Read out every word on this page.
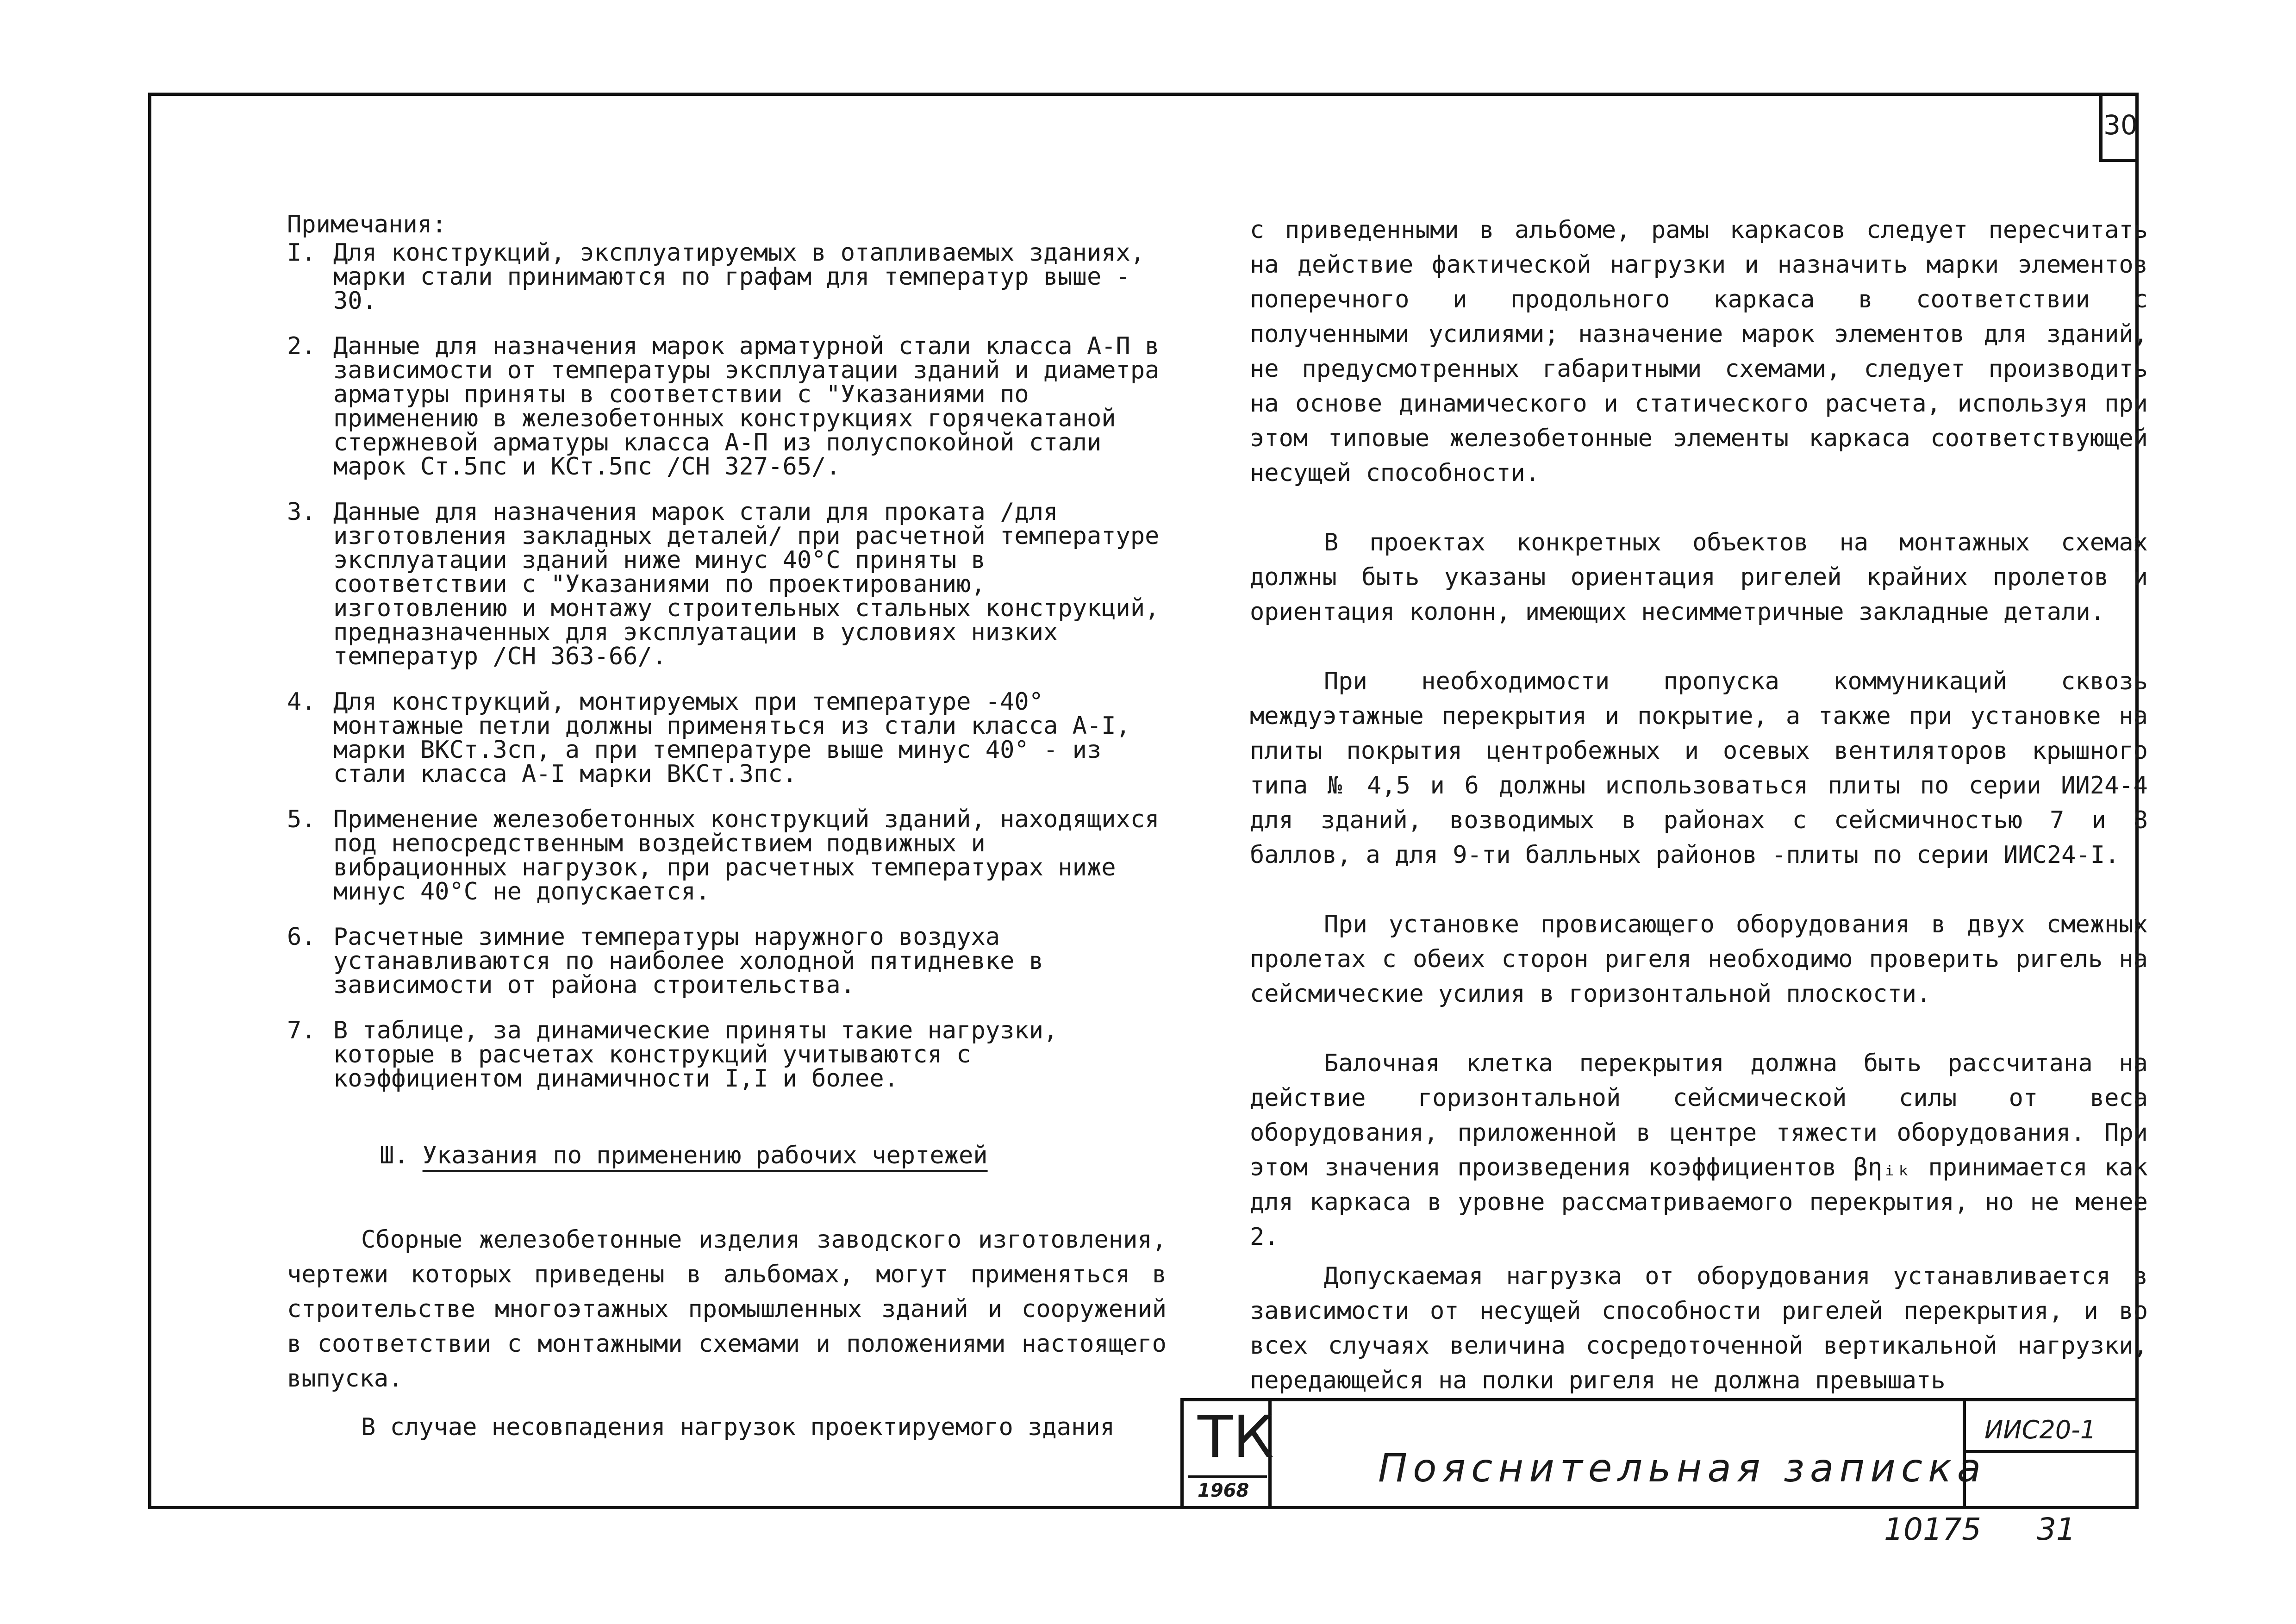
30
Примечания:
I. Для конструкций, эксплуатируемых в отапливаемых зданиях, марки стали принимаются по графам для температур выше - 30.
2. Данные для назначения марок арматурной стали класса А-П в зависимости от температуры эксплуатации зданий и диаметра арматуры приняты в соответствии с "Указаниями по применению в железобетонных конструкциях горячекатаной стержневой арматуры класса А-П из полуспокойной стали марок Ст.5пс и КСт.5пс /СН 327-65/.
3. Данные для назначения марок стали для проката /для изготовления закладных деталей/ при расчетной температуре эксплуатации зданий ниже минус 40°С приняты в соответствии с "Указаниями по проектированию, изготовлению и монтажу строительных стальных конструкций, предназначенных для эксплуатации в условиях низких температур /СН 363-66/.
4. Для конструкций, монтируемых при температуре -40° монтажные петли должны применяться из стали класса А-I, марки ВКСт.3сп, а при температуре выше минус 40° - из стали класса А-I марки ВКСт.3пс.
5. Применение железобетонных конструкций зданий, находящихся под непосредственным воздействием подвижных и вибрационных нагрузок, при расчетных температурах ниже минус 40°С не допускается.
6. Расчетные зимние температуры наружного воздуха устанавливаются по наиболее холодной пятидневке в зависимости от района строительства.
7. В таблице, за динамические приняты такие нагрузки, которые в расчетах конструкций учитываются с коэффициентом динамичности I,I и более.
Ш. Указания по применению рабочих чертежей

Сборные железобетонные изделия заводского изготовления, чертежи которых приведены в альбомах, могут применяться в строительстве многоэтажных промышленных зданий и сооружений в соответствии с монтажными схемами и положениями настоящего выпуска.

В случае несовпадения нагрузок проектируемого здания

с приведенными в альбоме, рамы каркасов следует пересчитать на действие фактической нагрузки и назначить марки элементов поперечного и продольного каркаса в соответствии с полученными усилиями; назначение марок элементов для зданий, не предусмотренных габаритными схемами, следует производить на основе динамического и статического расчета, используя при этом типовые железобетонные элементы каркаса соответствующей несущей способности.

В проектах конкретных объектов на монтажных схемах должны быть указаны ориентация ригелей крайних пролетов и ориентация колонн, имеющих несимметричные закладные детали.

При необходимости пропуска коммуникаций сквозь междуэтажные перекрытия и покрытие, а также при установке на плиты покрытия центробежных и осевых вентиляторов крышного типа № 4,5 и 6 должны использоваться плиты по серии ИИ24-4 для зданий, возводимых в районах с сейсмичностью 7 и 8 баллов, а для 9-ти балльных районов -плиты по серии ИИС24-I.

При установке провисающего оборудования в двух смежных пролетах с обеих сторон ригеля необходимо проверить ригель на сейсмические усилия в горизонтальной плоскости.

Балочная клетка перекрытия должна быть рассчитана на действие горизонтальной сейсмической силы от веса оборудования, приложенной в центре тяжести оборудования. При этом значения произведения коэффициентов βηᵢₖ принимается как для каркаса в уровне рассматриваемого перекрытия, но не менее 2.

Допускаемая нагрузка от оборудования устанавливается в зависимости от несущей способности ригелей перекрытия, и во всех случаях величина сосредоточенной вертикальной нагрузки, передающейся на полки ригеля не должна превышать

ТК
1968	Пояснительная записка
ИИС20-1
10175 31
